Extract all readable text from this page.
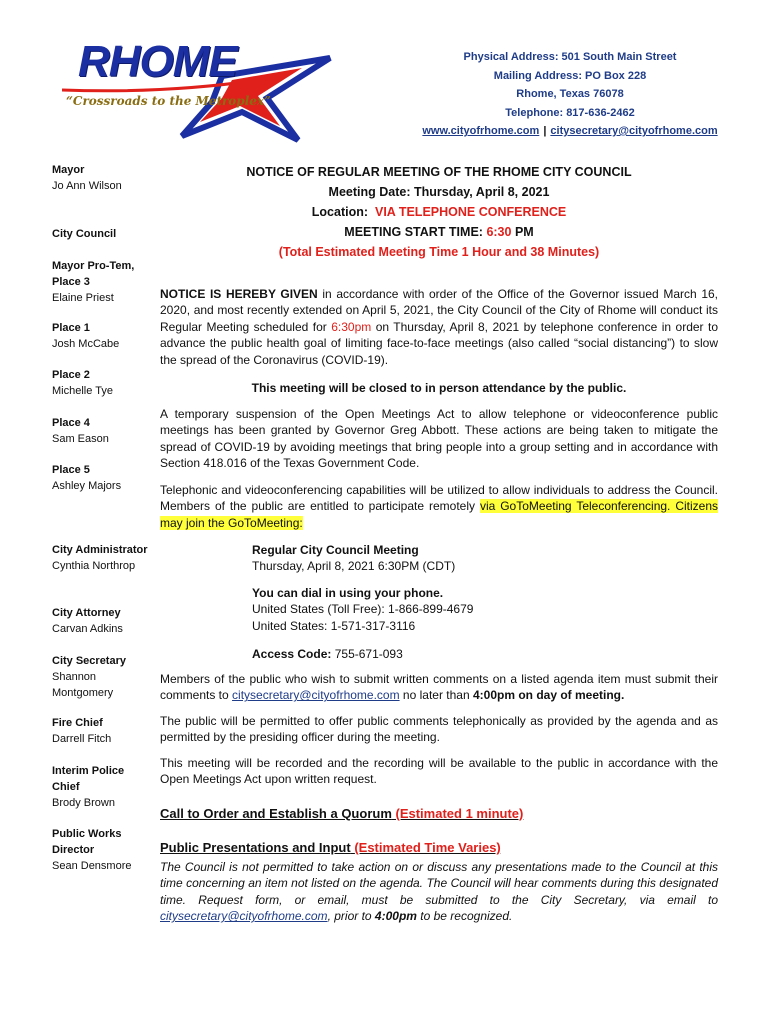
RHOME
“Crossroads to the Metroplex”
Physical Address: 501 South Main Street
Mailing Address: PO Box 228
Rhome, Texas 76078
Telephone: 817-636-2462
www.cityofrhome.com | citysecretary@cityofrhome.com
Mayor
Jo Ann Wilson
City Council
Mayor Pro-Tem, Place 3
Elaine Priest
Place 1
Josh McCabe
Place 2
Michelle Tye
Place 4
Sam Eason
Place 5
Ashley Majors
City Administrator
Cynthia Northrop
City Attorney
Carvan Adkins
City Secretary
Shannon Montgomery
Fire Chief
Darrell Fitch
Interim Police Chief
Brody Brown
Public Works Director
Sean Densmore
NOTICE OF REGULAR MEETING OF THE RHOME CITY COUNCIL
Meeting Date: Thursday, April 8, 2021
Location: VIA TELEPHONE CONFERENCE
MEETING START TIME: 6:30 PM
(Total Estimated Meeting Time 1 Hour and 38 Minutes)

NOTICE IS HEREBY GIVEN in accordance with order of the Office of the Governor issued March 16, 2020, and most recently extended on April 5, 2021, the City Council of the City of Rhome will conduct its Regular Meeting scheduled for 6:30pm on Thursday, April 8, 2021 by telephone conference in order to advance the public health goal of limiting face-to-face meetings (also called “social distancing”) to slow the spread of the Coronavirus (COVID-19).

This meeting will be closed to in person attendance by the public.

A temporary suspension of the Open Meetings Act to allow telephone or videoconference public meetings has been granted by Governor Greg Abbott. These actions are being taken to mitigate the spread of COVID-19 by avoiding meetings that bring people into a group setting and in accordance with Section 418.016 of the Texas Government Code.

Telephonic and videoconferencing capabilities will be utilized to allow individuals to address the Council. Members of the public are entitled to participate remotely via GoToMeeting Teleconferencing. Citizens may join the GoToMeeting:

Regular City Council Meeting
Thursday, April 8, 2021 6:30PM (CDT)
You can dial in using your phone.
United States (Toll Free): 1-866-899-4679
United States: 1-571-317-3116
Access Code: 755-671-093

Members of the public who wish to submit written comments on a listed agenda item must submit their comments to citysecretary@cityofrhome.com no later than 4:00pm on day of meeting.

The public will be permitted to offer public comments telephonically as provided by the agenda and as permitted by the presiding officer during the meeting.

This meeting will be recorded and the recording will be available to the public in accordance with the Open Meetings Act upon written request.

Call to Order and Establish a Quorum (Estimated 1 minute)
Public Presentations and Input (Estimated Time Varies)

The Council is not permitted to take action on or discuss any presentations made to the Council at this time concerning an item not listed on the agenda. The Council will hear comments during this designated time. Request form, or email, must be submitted to the City Secretary, via email to citysecretary@cityofrhome.com, prior to 4:00pm to be recognized.
